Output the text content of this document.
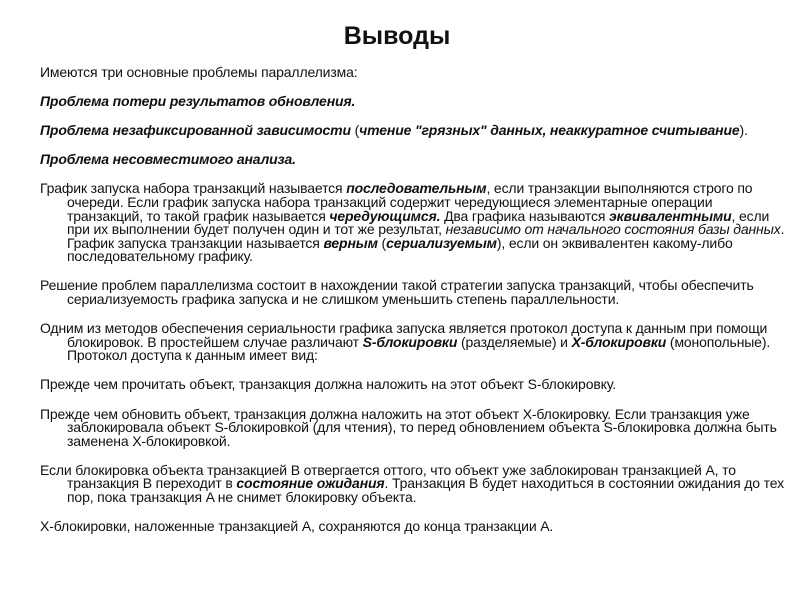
Выводы

Имеются три основные проблемы параллелизма:

Проблема потери результатов обновления.

Проблема незафиксированной зависимости (чтение "грязных" данных, неаккуратное считывание).

Проблема несовместимого анализа.

График запуска набора транзакций называется последовательным, если транзакции выполняются строго по очереди. Если график запуска набора транзакций содержит чередующиеся элементарные операции транзакций, то такой график называется чередующимся. Два графика называются эквивалентными, если при их выполнении будет получен один и тот же результат, независимо от начального состояния базы данных. График запуска транзакции называется верным (сериализуемым), если он эквивалентен какому-либо последовательному графику.

Решение проблем параллелизма состоит в нахождении такой стратегии запуска транзакций, чтобы обеспечить сериализуемость графика запуска и не слишком уменьшить степень параллельности.

Одним из методов обеспечения сериальности графика запуска является протокол доступа к данным при помощи блокировок. В простейшем случае различают S-блокировки (разделяемые) и X-блокировки (монопольные). Протокол доступа к данным имеет вид:

Прежде чем прочитать объект, транзакция должна наложить на этот объект S-блокировку.

Прежде чем обновить объект, транзакция должна наложить на этот объект X-блокировку. Если транзакция уже заблокировала объект S-блокировкой (для чтения), то перед обновлением объекта S-блокировка должна быть заменена X-блокировкой.

Если блокировка объекта транзакцией B отвергается оттого, что объект уже заблокирован транзакцией A, то транзакция B переходит в состояние ожидания. Транзакция B будет находиться в состоянии ожидания до тех пор, пока транзакция A не снимет блокировку объекта.

X-блокировки, наложенные транзакцией A, сохраняются до конца транзакции A.
